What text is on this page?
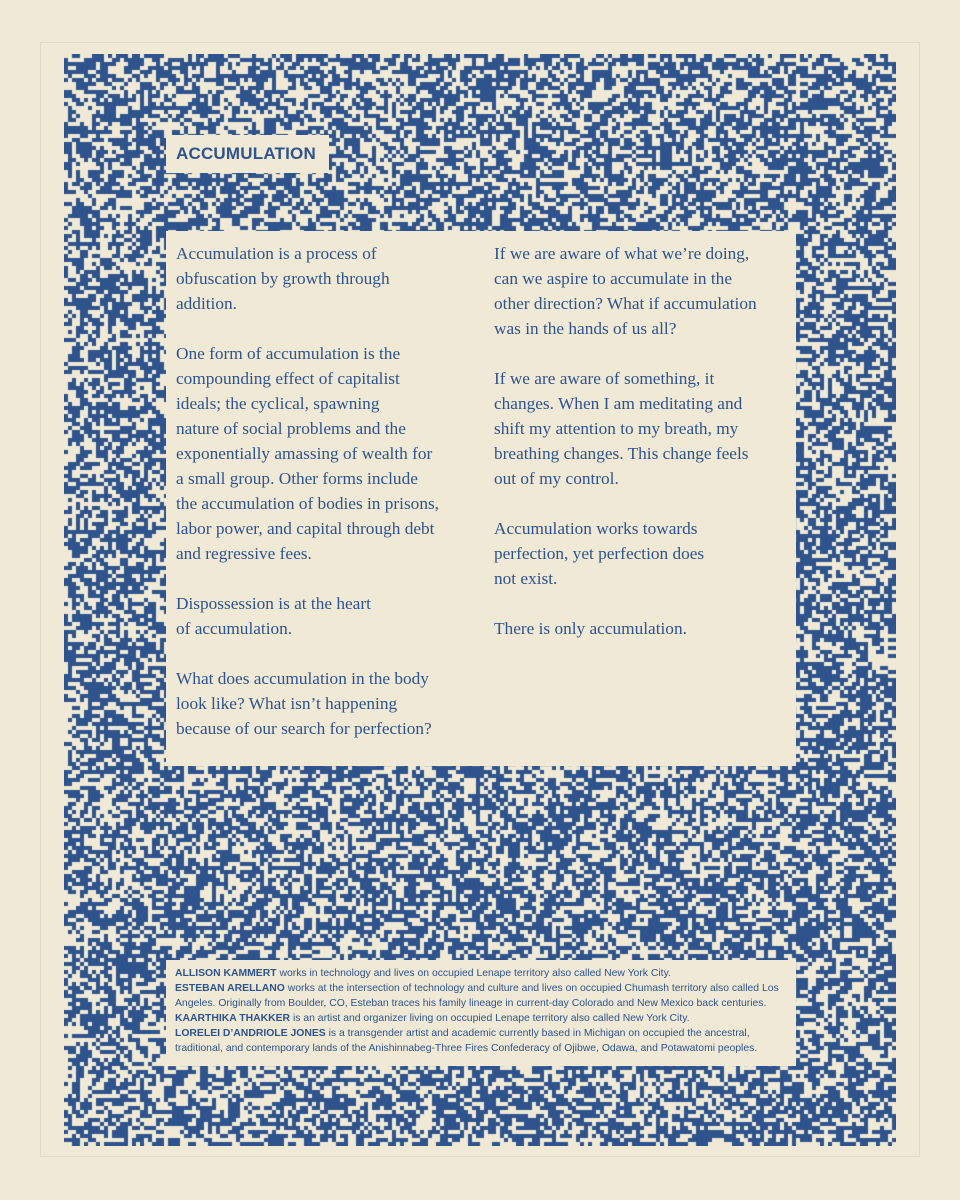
ACCUMULATION

Accumulation is a process of
obfuscation by growth through
addition.

One form of accumulation is the
compounding effect of capitalist
ideals; the cyclical, spawning
nature of social problems and the
exponentially amassing of wealth for
a small group. Other forms include
the accumulation of bodies in prisons,
labor power, and capital through debt
and regressive fees.

Dispossession is at the heart
of accumulation.

What does accumulation in the body
look like? What isn’t happening
because of our search for perfection?

If we are aware of what we’re doing,
can we aspire to accumulate in the
other direction? What if accumulation
was in the hands of us all?

If we are aware of something, it
changes. When I am meditating and
shift my attention to my breath, my
breathing changes. This change feels
out of my control.

Accumulation works towards
perfection, yet perfection does
not exist.

There is only accumulation.

ALLISON KAMMERT works in technology and lives on occupied Lenape territory also called New York City.

ESTEBAN ARELLANO works at the intersection of technology and culture and lives on occupied Chumash territory also called Los Angeles. Originally from Boulder, CO, Esteban traces his family lineage in current-day Colorado and New Mexico back centuries.

KAARTHIKA THAKKER is an artist and organizer living on occupied Lenape territory also called New York City.

LORELEI D’ANDRIOLE JONES is a transgender artist and academic currently based in Michigan on occupied the ancestral, traditional, and contemporary lands of the Anishinnabeg-Three Fires Confederacy of Ojibwe, Odawa, and Potawatomi peoples.
